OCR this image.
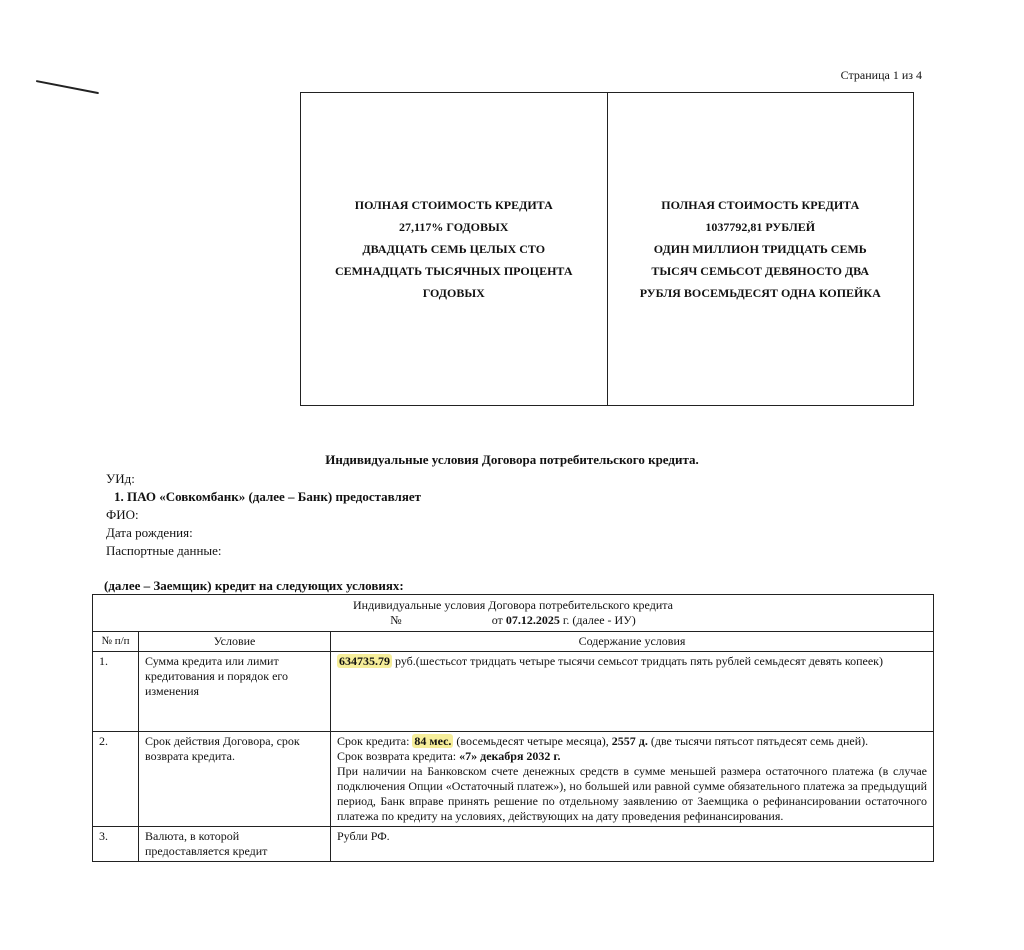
Страница 1 из 4
ПОЛНАЯ СТОИМОСТЬ КРЕДИТА
27,117% ГОДОВЫХ
ДВАДЦАТЬ СЕМЬ ЦЕЛЫХ СТО
СЕМНАДЦАТЬ ТЫСЯЧНЫХ ПРОЦЕНТА
ГОДОВЫХ
ПОЛНАЯ СТОИМОСТЬ КРЕДИТА
1037792,81 РУБЛЕЙ
ОДИН МИЛЛИОН ТРИДЦАТЬ СЕМЬ
ТЫСЯЧ СЕМЬСОТ ДЕВЯНОСТО ДВА
РУБЛЯ ВОСЕМЬДЕСЯТ ОДНА КОПЕЙКА
Индивидуальные условия Договора потребительского кредита.
УИд:
1. ПАО «Совкомбанк» (далее – Банк) предоставляет
ФИО:
Дата рождения:
Паспортные данные:
(далее – Заемщик) кредит на следующих условиях:
Индивидуальные условия Договора потребительского кредита
№ от 07.12.2025 г. (далее - ИУ)		

№ п/п	Условие	Содержание условия
1.	Сумма кредита или лимит кредитования и порядок его изменения	634735.79 руб.(шестьсот тридцать четыре тысячи семьсот тридцать пять рублей семьдесят девять копеек)
2.	Срок действия Договора, срок возврата кредита.	Срок кредита: 84 мес. (восемьдесят четыре месяца), 2557 д. (две тысячи пятьсот пятьдесят семь дней).
Срок возврата кредита: «7» декабря 2032 г.
При наличии на Банковском счете денежных средств в сумме меньшей размера остаточного платежа (в случае подключения Опции «Остаточный платеж»), но большей или равной сумме обязательного платежа за предыдущий период, Банк вправе принять решение по отдельному заявлению от Заемщика о рефинансировании остаточного платежа по кредиту на условиях, действующих на дату проведения рефинансирования.

3.	Валюта, в которой предоставляется кредит	Рубли РФ.
